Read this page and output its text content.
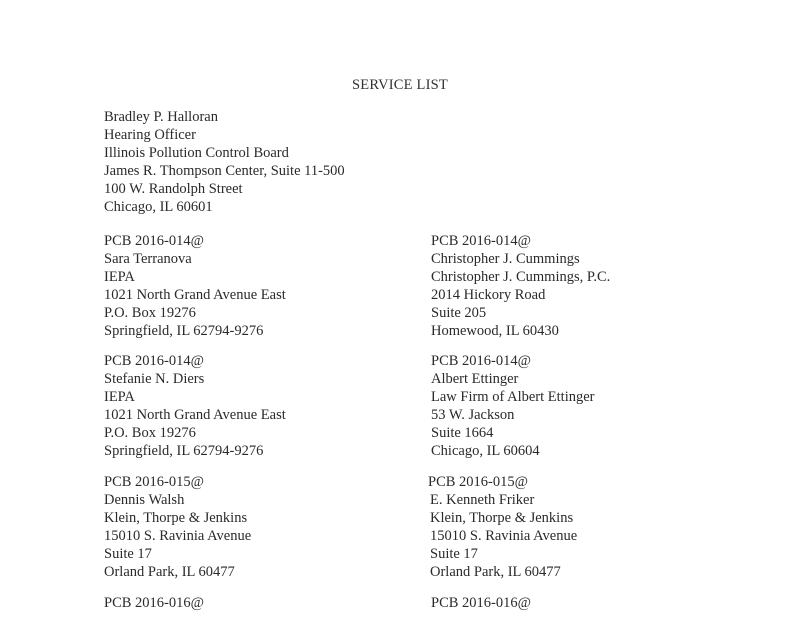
SERVICE LIST
Bradley P. Halloran
Hearing Officer
Illinois Pollution Control Board
James R. Thompson Center, Suite 11-500
100 W. Randolph Street
Chicago, IL 60601
PCB 2016-014@
Sara Terranova
IEPA
1021 North Grand Avenue East
P.O. Box 19276
Springfield, IL 62794-9276
PCB 2016-014@
Christopher J. Cummings
Christopher J. Cummings, P.C.
2014 Hickory Road
Suite 205
Homewood, IL 60430
PCB 2016-014@
Stefanie N. Diers
IEPA
1021 North Grand Avenue East
P.O. Box 19276
Springfield, IL 62794-9276
PCB 2016-014@
Albert Ettinger
Law Firm of Albert Ettinger
53 W. Jackson
Suite 1664
Chicago, IL 60604
PCB 2016-015@
Dennis Walsh
Klein, Thorpe & Jenkins
15010 S. Ravinia Avenue
Suite 17
Orland Park, IL 60477
PCB 2016-015@
E. Kenneth Friker
Klein, Thorpe & Jenkins
15010 S. Ravinia Avenue
Suite 17
Orland Park, IL 60477
PCB 2016-016@	PCB 2016-016@
